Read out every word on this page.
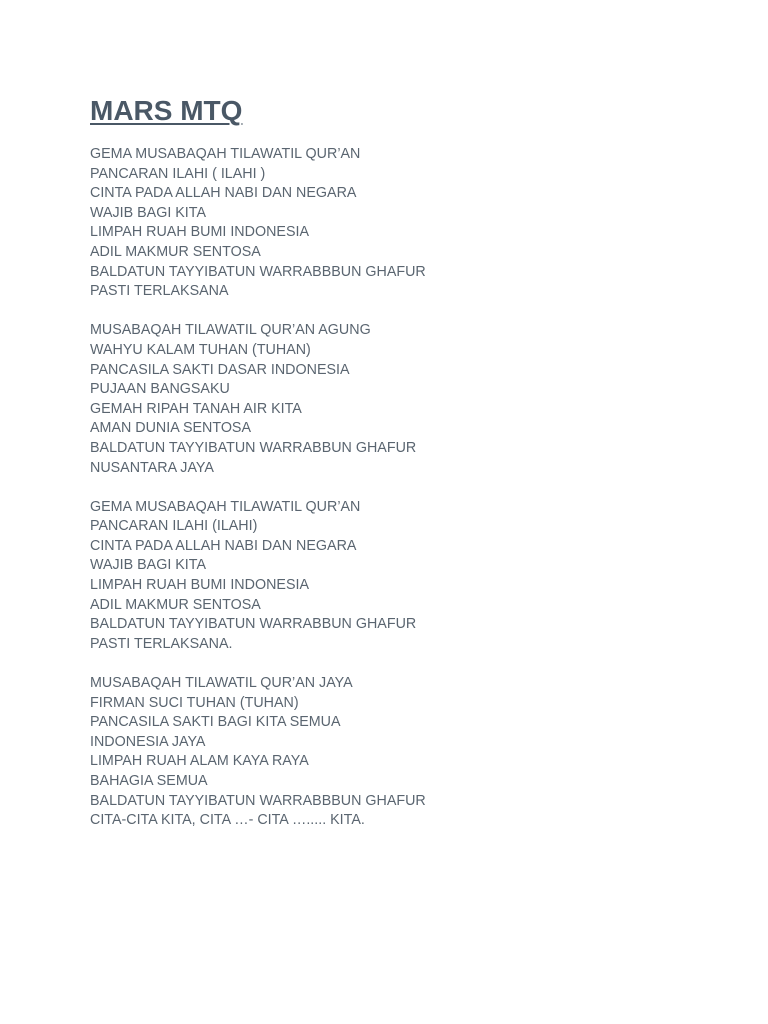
MARS MTQ
GEMA MUSABAQAH TILAWATIL QUR’AN
PANCARAN ILAHI ( ILAHI )
CINTA PADA ALLAH NABI DAN NEGARA
WAJIB BAGI KITA
LIMPAH RUAH BUMI INDONESIA
ADIL MAKMUR SENTOSA
BALDATUN TAYYIBATUN WARRABBBUN GHAFUR
PASTI TERLAKSANA
MUSABAQAH TILAWATIL QUR’AN AGUNG
WAHYU KALAM TUHAN (TUHAN)
PANCASILA SAKTI DASAR INDONESIA
PUJAAN BANGSAKU
GEMAH RIPAH TANAH AIR KITA
AMAN DUNIA SENTOSA
BALDATUN TAYYIBATUN WARRABBUN GHAFUR
NUSANTARA JAYA
GEMA MUSABAQAH TILAWATIL QUR’AN
PANCARAN ILAHI (ILAHI)
CINTA PADA ALLAH NABI DAN NEGARA
WAJIB BAGI KITA
LIMPAH RUAH BUMI INDONESIA
ADIL MAKMUR SENTOSA
BALDATUN TAYYIBATUN WARRABBUN GHAFUR
PASTI TERLAKSANA.
MUSABAQAH TILAWATIL QUR’AN JAYA
FIRMAN SUCI TUHAN (TUHAN)
PANCASILA SAKTI BAGI KITA SEMUA
INDONESIA JAYA
LIMPAH RUAH ALAM KAYA RAYA
BAHAGIA SEMUA
BALDATUN TAYYIBATUN WARRABBBUN GHAFUR
CITA-CITA KITA, CITA …- CITA …..... KITA.
